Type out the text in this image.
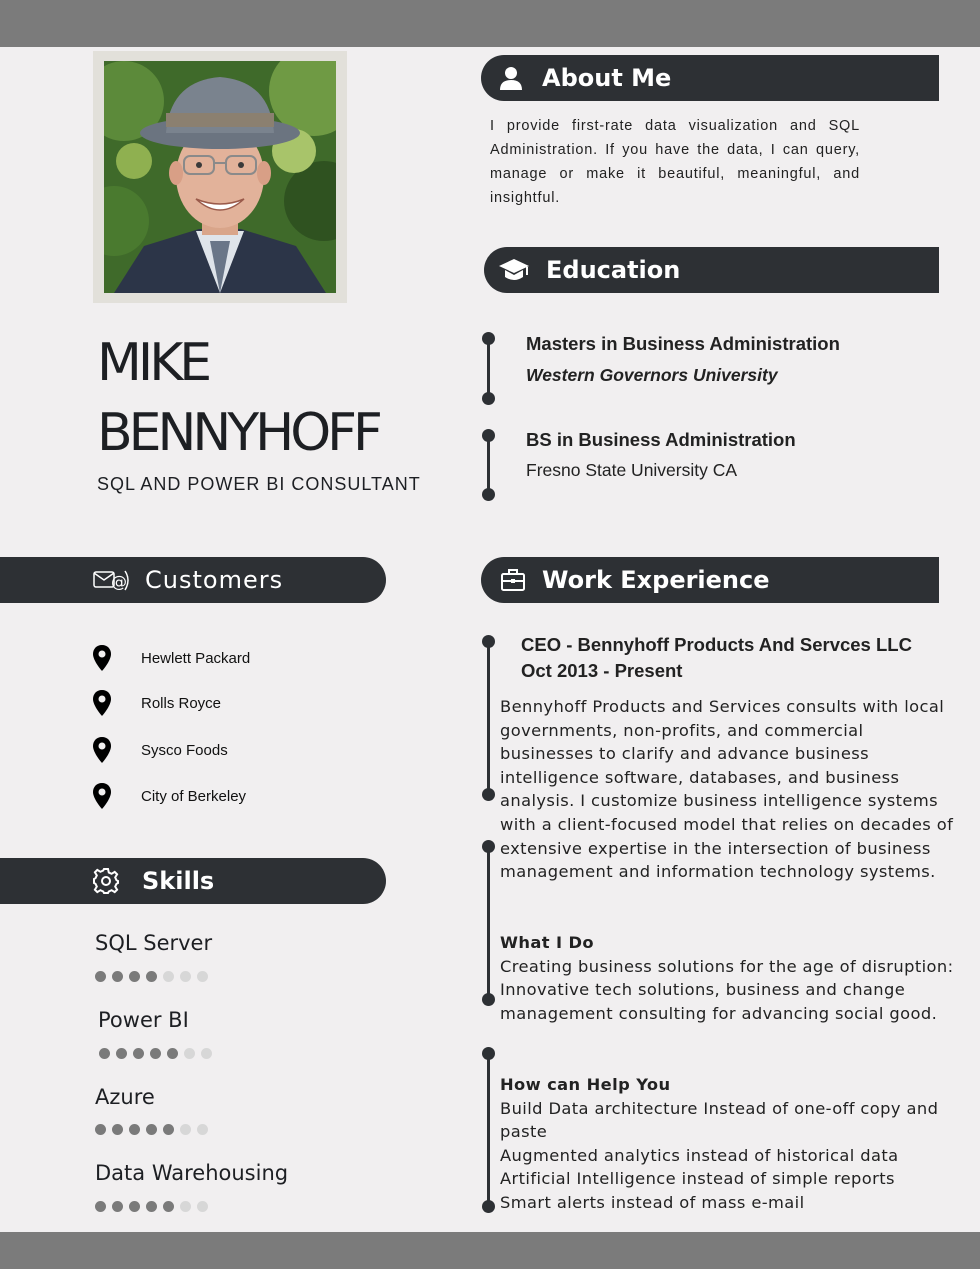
MIKE
BENNYHOFF
SQL AND POWER BI CONSULTANT
About Me
I provide first-rate data visualization and SQL Administration. If you have the data, I can query, manage or make it beautiful, meaningful, and insightful.
Education
Masters in Business Administration
Western Governors University
BS in Business Administration
Fresno State University CA
@ Customers
Hewlett Packard
Rolls Royce
Sysco Foods
City of Berkeley
Skills
SQL Server
Power BI
Azure
Data Warehousing
Work Experience
CEO - Bennyhoff Products And Servces LLC
Oct 2013 - Present
Bennyhoff Products and Services consults with local governments, non-profits, and commercial businesses to clarify and advance business intelligence software, databases, and business analysis. I customize business intelligence systems with a client-focused model that relies on decades of extensive expertise in the intersection of business management and information technology systems.
What I Do
Creating business solutions for the age of disruption: Innovative tech solutions, business and change management consulting for advancing social good.
How can Help You
Build Data architecture Instead of one-off copy and paste
Augmented analytics instead of historical data
Artificial Intelligence instead of simple reports
Smart alerts instead of mass e-mail
